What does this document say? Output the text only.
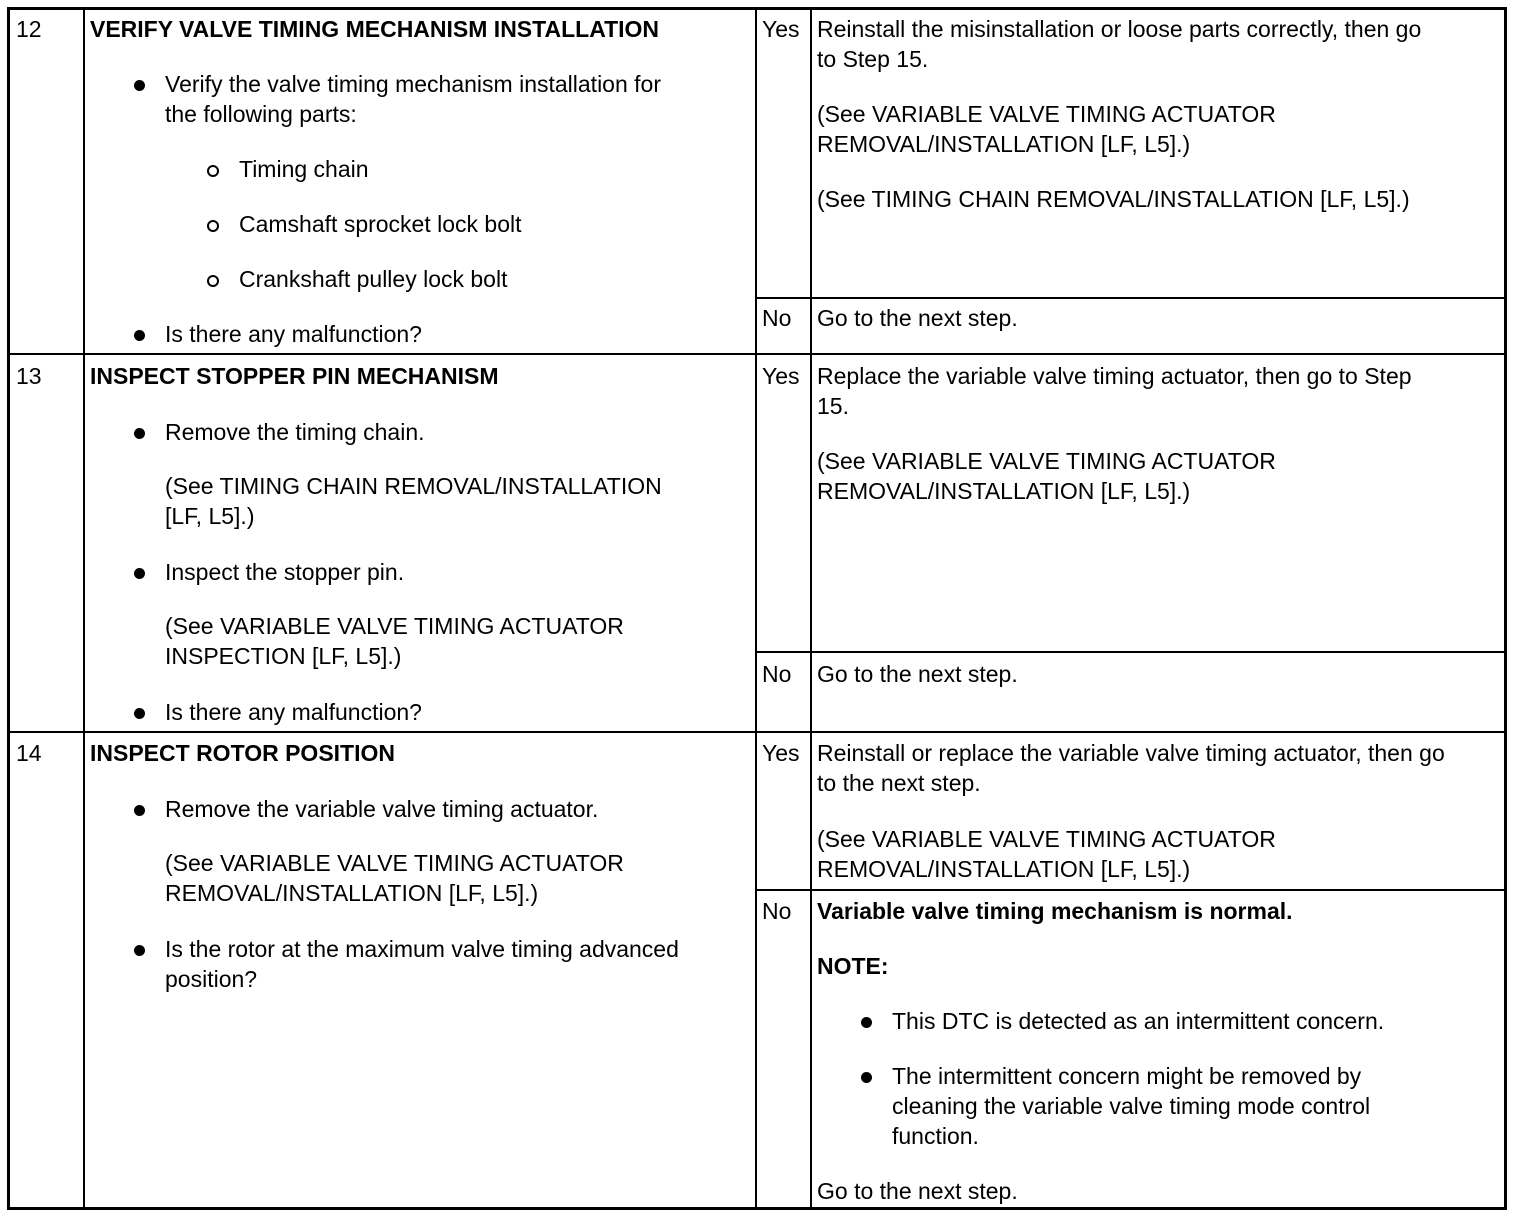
12 VERIFY VALVE TIMING MECHANISM INSTALLATION
Verify the valve timing mechanism installation for
the following parts:
Timing chain
Camshaft sprocket lock bolt
Crankshaft pulley lock bolt
Is there any malfunction?
Yes Reinstall the misinstallation or loose parts correctly, then go
to Step 15.
(See VARIABLE VALVE TIMING ACTUATOR
REMOVAL/INSTALLATION [LF, L5].)
(See TIMING CHAIN REMOVAL/INSTALLATION [LF, L5].)
No Go to the next step.
13 INSPECT STOPPER PIN MECHANISM
Remove the timing chain.
(See TIMING CHAIN REMOVAL/INSTALLATION
[LF, L5].)
Inspect the stopper pin.
(See VARIABLE VALVE TIMING ACTUATOR
INSPECTION [LF, L5].)
Is there any malfunction?
Yes Replace the variable valve timing actuator, then go to Step
15.
(See VARIABLE VALVE TIMING ACTUATOR
REMOVAL/INSTALLATION [LF, L5].)
No Go to the next step.
14 INSPECT ROTOR POSITION
Remove the variable valve timing actuator.
(See VARIABLE VALVE TIMING ACTUATOR
REMOVAL/INSTALLATION [LF, L5].)
Is the rotor at the maximum valve timing advanced
position?
Yes Reinstall or replace the variable valve timing actuator, then go
to the next step.
(See VARIABLE VALVE TIMING ACTUATOR
REMOVAL/INSTALLATION [LF, L5].)
No Variable valve timing mechanism is normal.
NOTE:
This DTC is detected as an intermittent concern.
The intermittent concern might be removed by
cleaning the variable valve timing mode control
function.
Go to the next step.
